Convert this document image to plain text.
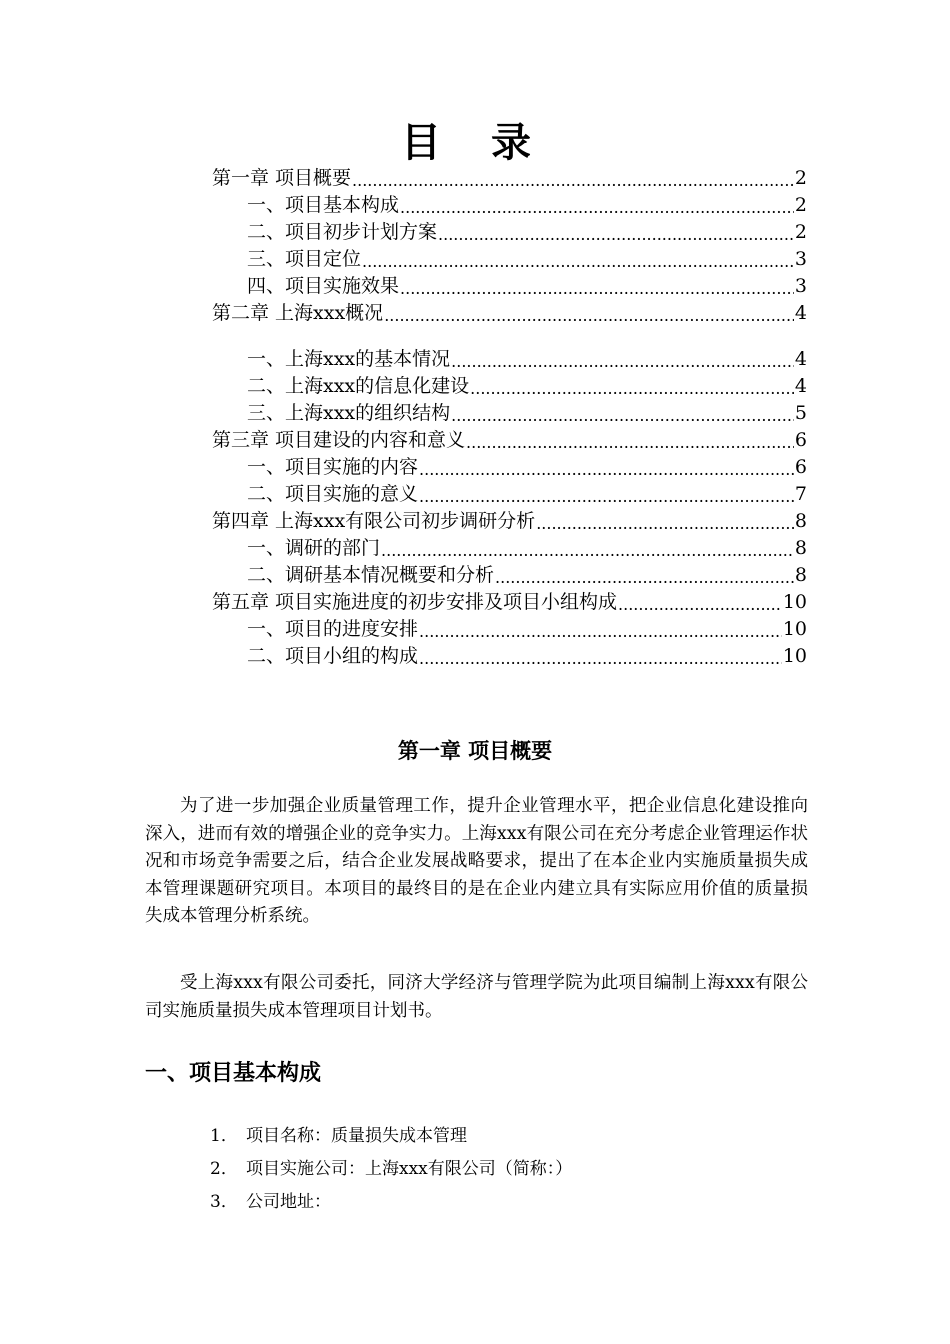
目 录
第一章 项目概要 .....	2
一、项目基本构成 .....	2
二、项目初步计划方案 .....	2
三、项目定位 .....	3
四、项目实施效果 .....	3
第二章 上海xxx概况 .....	4
一、上海xxx的基本情况 .....	4
二、上海xxx的信息化建设 .....	4
三、上海xxx的组织结构 .....	5
第三章 项目建设的内容和意义 .....	6
一、项目实施的内容 .....	6
二、项目实施的意义 .....	7
第四章 上海xxx有限公司初步调研分析 .....	8
一、调研的部门 .....	8
二、调研基本情况概要和分析 .....	8
第五章 项目实施进度的初步安排及项目小组构成 .....	10
一、项目的进度安排 .....	10
二、项目小组的构成 .....	10
第一章 项目概要

为了进一步加强企业质量管理工作，提升企业管理水平，把企业信息化建设推向深入，进而有效的增强企业的竞争实力。上海xxx有限公司在充分考虑企业管理运作状况和市场竞争需要之后，结合企业发展战略要求，提出了在本企业内实施质量损失成本管理课题研究项目。本项目的最终目的是在企业内建立具有实际应用价值的质量损失成本管理分析系统。

受上海xxx有限公司委托，同济大学经济与管理学院为此项目编制上海xxx有限公司实施质量损失成本管理项目计划书。

一、项目基本构成
1． 项目名称：质量损失成本管理
2． 项目实施公司：上海xxx有限公司（简称：）
3． 公司地址：
